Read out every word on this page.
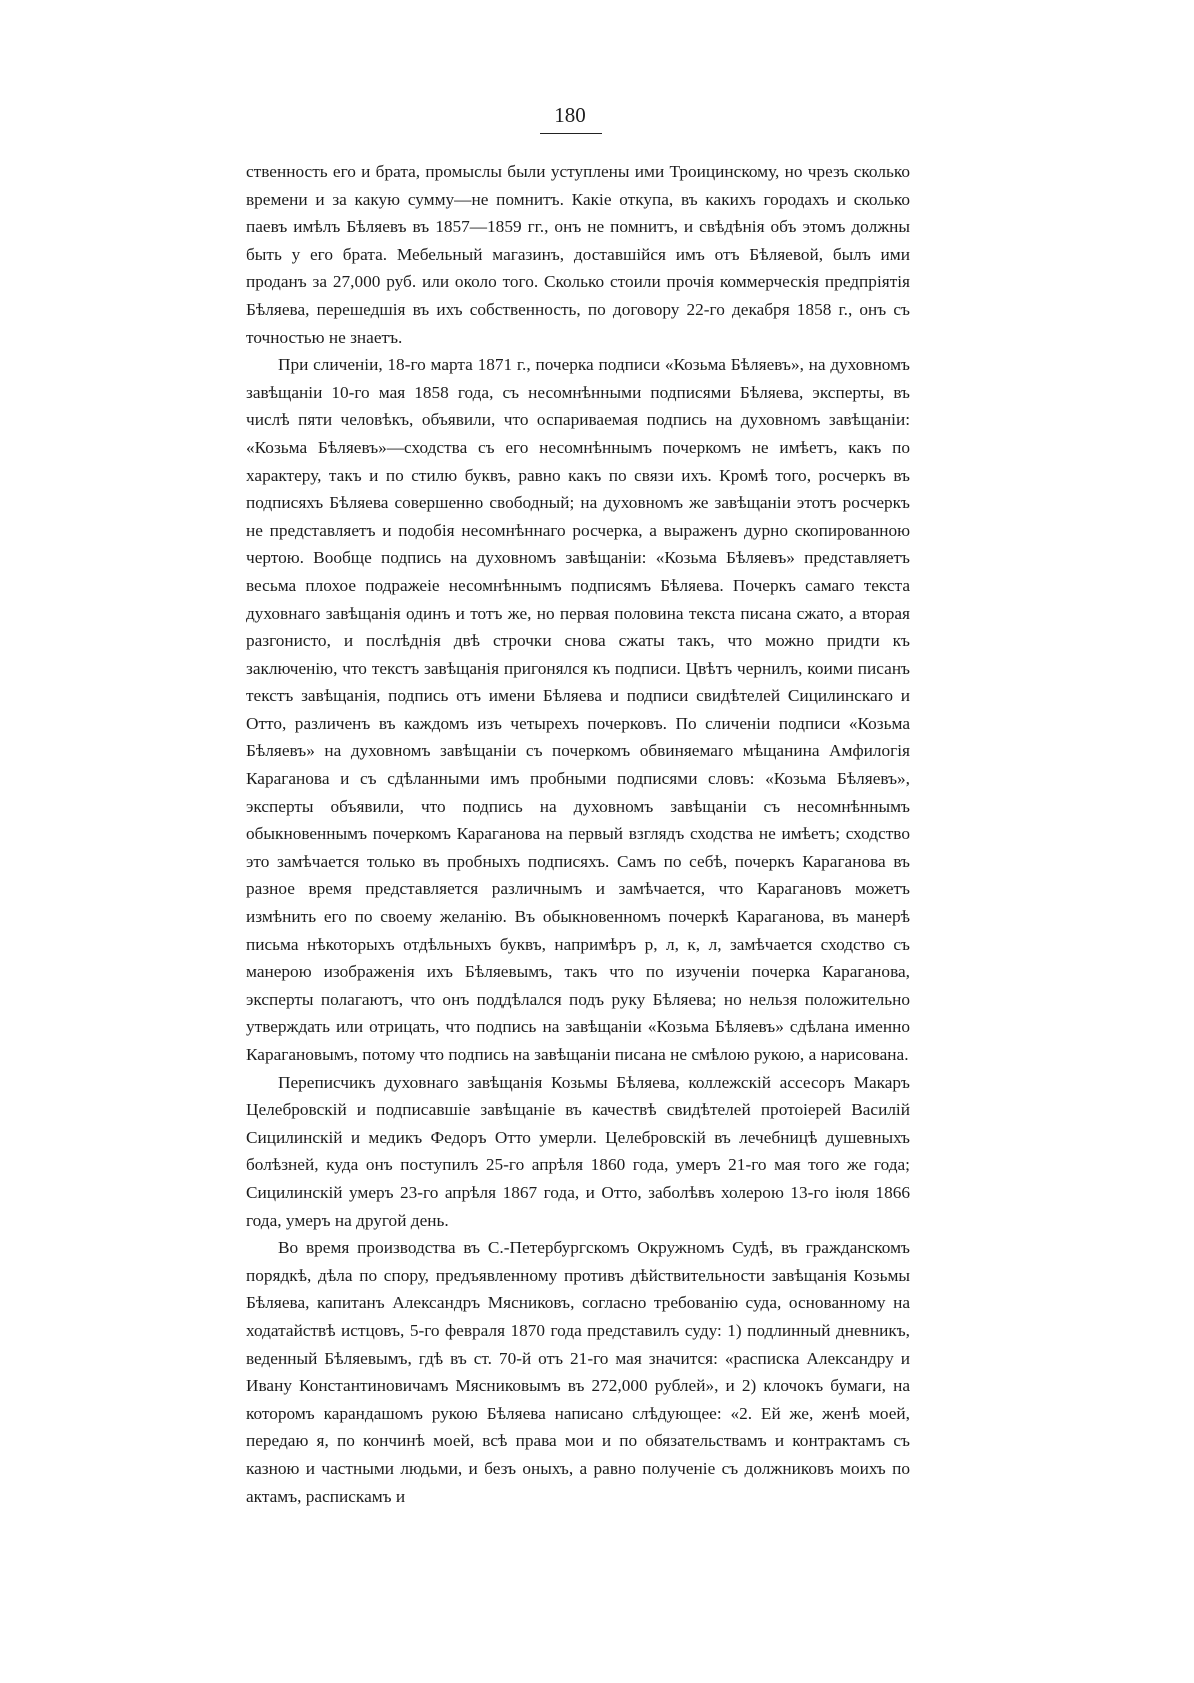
180

ственность его и брата, промыслы были уступлены ими Троицинскому, но чрезъ сколько времени и за какую сумму—не помнитъ. Какіе откупа, въ какихъ городахъ и сколько паевъ имѣлъ Бѣляевъ въ 1857—1859 гг., онъ не помнитъ, и свѣдѣнія объ этомъ должны быть у его брата. Мебельный магазинъ, доставшійся имъ отъ Бѣляевой, былъ ими проданъ за 27,000 руб. или около того. Сколько стоили прочія коммерческія предпріятія Бѣляева, перешедшія въ ихъ собственность, по договору 22-го декабря 1858 г., онъ съ точностью не знаетъ.

При сличеніи, 18-го марта 1871 г., почерка подписи «Козьма Бѣляевъ», на духовномъ завѣщаніи 10-го мая 1858 года, съ несомнѣнными подписями Бѣляева, эксперты, въ числѣ пяти человѣкъ, объявили, что оспариваемая подпись на духовномъ завѣщаніи: «Козьма Бѣляевъ»—сходства съ его несомнѣннымъ почеркомъ не имѣетъ, какъ по характеру, такъ и по стилю буквъ, равно какъ по связи ихъ. Кромѣ того, росчеркъ въ подписяхъ Бѣляева совершенно свободный; на духовномъ же завѣщаніи этотъ росчеркъ не представляетъ и подобія несомнѣннаго росчерка, а выраженъ дурно скопированною чертою. Вообще подпись на духовномъ завѣщаніи: «Козьма Бѣляевъ» представляетъ весьма плохое подражеіе несомнѣннымъ подписямъ Бѣляева. Почеркъ самаго текста духовнаго завѣщанія одинъ и тотъ же, но первая половина текста писана сжато, а вторая разгонисто, и послѣднія двѣ строчки снова сжаты такъ, что можно придти къ заключенію, что текстъ завѣщанія пригонялся къ подписи. Цвѣтъ чернилъ, коими писанъ текстъ завѣщанія, подпись отъ имени Бѣляева и подписи свидѣтелей Сицилинскаго и Отто, различенъ въ каждомъ изъ четырехъ почерковъ. По сличеніи подписи «Козьма Бѣляевъ» на духовномъ завѣщаніи съ почеркомъ обвиняемаго мѣщанина Амфилогія Караганова и съ сдѣланными имъ пробными подписями словъ: «Козьма Бѣляевъ», эксперты объявили, что подпись на духовномъ завѣщаніи съ несомнѣннымъ обыкновеннымъ почеркомъ Караганова на первый взглядъ сходства не имѣетъ; сходство это замѣчается только въ пробныхъ подписяхъ. Самъ по себѣ, почеркъ Караганова въ разное время представляется различнымъ и замѣчается, что Карагановъ можетъ измѣнить его по своему желанію. Въ обыкновенномъ почеркѣ Караганова, въ манерѣ письма нѣкоторыхъ отдѣльныхъ буквъ, напримѣръ р, л, к, л, замѣчается сходство съ манерою изображенія ихъ Бѣляевымъ, такъ что по изученіи почерка Караганова, эксперты полагаютъ, что онъ поддѣлался подъ руку Бѣляева; но нельзя положительно утверждать или отрицать, что подпись на завѣщаніи «Козьма Бѣляевъ» сдѣлана именно Карагановымъ, потому что подпись на завѣщаніи писана не смѣлою рукою, а нарисована.

Переписчикъ духовнаго завѣщанія Козьмы Бѣляева, коллежскій ассесоръ Макаръ Целебровскій и подписавшіе завѣщаніе въ качествѣ свидѣтелей протоіерей Василій Сицилинскій и медикъ Федоръ Отто умерли. Целебровскій въ лечебницѣ душевныхъ болѣзней, куда онъ поступилъ 25-го апрѣля 1860 года, умеръ 21-го мая того же года; Сицилинскій умеръ 23-го апрѣля 1867 года, и Отто, заболѣвъ холерою 13-го іюля 1866 года, умеръ на другой день.

Во время производства въ С.-Петербургскомъ Окружномъ Судѣ, въ гражданскомъ порядкѣ, дѣла по спору, предъявленному противъ дѣйствительности завѣщанія Козьмы Бѣляева, капитанъ Александръ Мясниковъ, согласно требованію суда, основанному на ходатайствѣ истцовъ, 5-го февраля 1870 года представилъ суду: 1) подлинный дневникъ, веденный Бѣляевымъ, гдѣ въ ст. 70-й отъ 21-го мая значится: «расписка Александру и Ивану Константиновичамъ Мясниковымъ въ 272,000 рублей», и 2) клочокъ бумаги, на которомъ карандашомъ рукою Бѣляева написано слѣдующее: «2. Ей же, женѣ моей, передаю я, по кончинѣ моей, всѣ права мои и по обязательствамъ и контрактамъ съ казною и частными людьми, и безъ оныхъ, а равно полученіе съ должниковъ моихъ по актамъ, распискамъ и
